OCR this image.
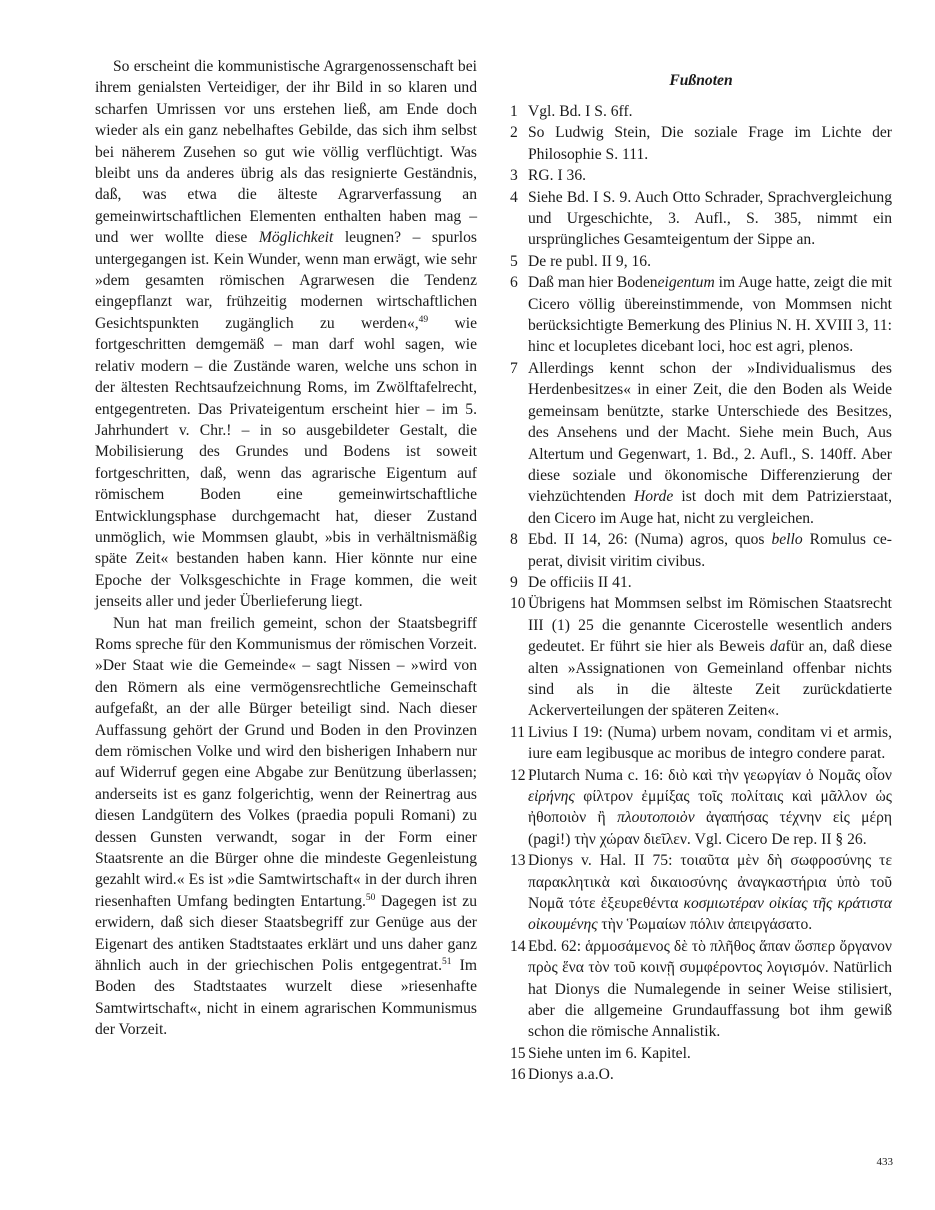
So erscheint die kommunistische Agrargenossenschaft bei ihrem genialsten Verteidiger, der ihr Bild in so klaren und scharfen Umrissen vor uns erstehen ließ, am Ende doch wieder als ein ganz nebelhaftes Gebilde, das sich ihm selbst bei näherem Zusehen so gut wie völlig verflüchtigt. Was bleibt uns da anderes übrig als das resignierte Geständnis, daß, was etwa die älteste Agrarverfassung an gemeinwirtschaftlichen Elementen enthalten haben mag – und wer wollte diese Möglichkeit leugnen? – spurlos untergegangen ist. Kein Wunder, wenn man erwägt, wie sehr »dem gesamten römischen Agrarwesen die Tendenz eingepflanzt war, frühzeitig modernen wirtschaftlichen Gesichtspunkten zugänglich zu werden«,$^{49}$ wie fortgeschritten demgemäß – man darf wohl sagen, wie relativ modern – die Zustände waren, welche uns schon in der ältesten Rechtsaufzeichnung Roms, im Zwölftafelrecht, entgegentreten. Das Privateigentum erscheint hier – im 5. Jahrhundert v. Chr.! – in so ausgebildeter Gestalt, die Mobilisierung des Grundes und Bodens ist soweit fortgeschritten, daß, wenn das agrarische Eigentum auf römischem Boden eine gemeinwirtschaftliche Entwicklungsphase durchgemacht hat, dieser Zustand unmöglich, wie Mommsen glaubt, »bis in verhältnismäßig späte Zeit« bestanden haben kann. Hier könnte nur eine Epoche der Volksgeschichte in Frage kommen, die weit jenseits aller und jeder Überlieferung liegt.

Nun hat man freilich gemeint, schon der Staatsbegriff Roms spreche für den Kommunismus der römischen Vorzeit. »Der Staat wie die Gemeinde« – sagt Nissen – »wird von den Römern als eine vermögensrechtliche Gemeinschaft aufgefaßt, an der alle Bürger beteiligt sind. Nach dieser Auffassung gehört der Grund und Boden in den Provinzen dem römischen Volke und wird den bisherigen Inhabern nur auf Widerruf gegen eine Abgabe zur Benützung überlassen; anderseits ist es ganz folgerichtig, wenn der Reinertrag aus diesen Landgütern des Volkes (praedia populi Romani) zu dessen Gunsten verwandt, sogar in der Form einer Staatsrente an die Bürger ohne die mindeste Gegenleistung gezahlt wird.« Es ist »die Samtwirtschaft« in der durch ihren riesenhaften Umfang bedingten Entartung.$^{50}$ Dagegen ist zu erwidern, daß sich dieser Staatsbegriff zur Genüge aus der Eigenart des antiken Stadtstaates erklärt und uns daher ganz ähnlich auch in der griechischen Polis entgegentrat.$^{51}$ Im Boden des Stadtstaates wurzelt diese »riesenhafte Samtwirtschaft«, nicht in einem agrarischen Kommunismus der Vorzeit.

Fußnoten
1 Vgl. Bd. I S. 6ff.
2 So Ludwig Stein, Die soziale Frage im Lichte der Philosophie S. 111.
3 RG. I 36.
4 Siehe Bd. I S. 9. Auch Otto Schrader, Sprachvergleichung und Urgeschichte, 3. Aufl., S. 385, nimmt ein ursprüngliches Gesamteigentum der Sippe an.
5 De re publ. II 9, 16.
6 Daß man hier Bodeneigentum im Auge hatte, zeigt die mit Cicero völlig übereinstimmende, von Mommsen nicht berücksichtigte Bemerkung des Plinius N. H. XVIII 3, 11: hinc et locupletes dicebant loci, hoc est agri, plenos.
7 Allerdings kennt schon der »Individualismus des Herdenbesitzes« in einer Zeit, die den Boden als Weide gemeinsam benützte, starke Unterschiede des Besitzes, des Ansehens und der Macht. Siehe mein Buch, Aus Altertum und Gegenwart, 1. Bd., 2. Aufl., S. 140ff. Aber diese soziale und ökonomische Differenzierung der viehzüchtenden Horde ist doch mit dem Patrizierstaat, den Cicero im Auge hat, nicht zu vergleichen.
8 Ebd. II 14, 26: (Numa) agros, quos bello Romulus ceperat, divisit viritim civibus.
9 De officiis II 41.
10 Übrigens hat Mommsen selbst im Römischen Staatsrecht III (1) 25 die genannte Cicerostelle wesentlich anders gedeutet. Er führt sie hier als Beweis dafür an, daß diese alten »Assignationen von Gemeinland offenbar nichts sind als in die älteste Zeit zurückdatierte Ackerverteilungen der späteren Zeiten«.
11 Livius I 19: (Numa) urbem novam, conditam vi et armis, iure eam legibusque ac moribus de integro condere parat.
12 Plutarch Numa c. 16: διὸ καὶ τὴν γεωργίαν ὁ Νομᾶς οἷον εἰρήνης φίλτρον ἐμμίξας τοῖς πολίταις καὶ μᾶλλον ὡς ἠθοποιὸν ἢ πλουτοποιὸν ἀγαπήσας τέχνην εἰς μέρη (pagi!) τὴν χώραν διεῖλεν. Vgl. Cicero De rep. II § 26.
13 Dionys v. Hal. II 75: τοιαῦτα μὲν δὴ σωφροσύνης τε παρακλητικὰ καὶ δικαιοσύνης ἀναγκαστήρια ὑπὸ τοῦ Νομᾶ τότε ἐξευρεθέντα κοσμιωτέραν οἰκίας τῆς κράτιστα οἰκουμένης τὴν Ῥωμαίων πόλιν ἀπειργάσατο.
14 Ebd. 62: ἁρμοσάμενος δὲ τὸ πλῆθος ἅπαν ὥσπερ ὄργανον πρὸς ἕνα τὸν τοῦ κοινῇ συμφέροντος λογισμόν. Natürlich hat Dionys die Numalegende in seiner Weise stilisiert, aber die allgemeine Grundauffassung bot ihm gewiß schon die römische Annalistik.
15 Siehe unten im 6. Kapitel.
16 Dionys a.a.O.
433
